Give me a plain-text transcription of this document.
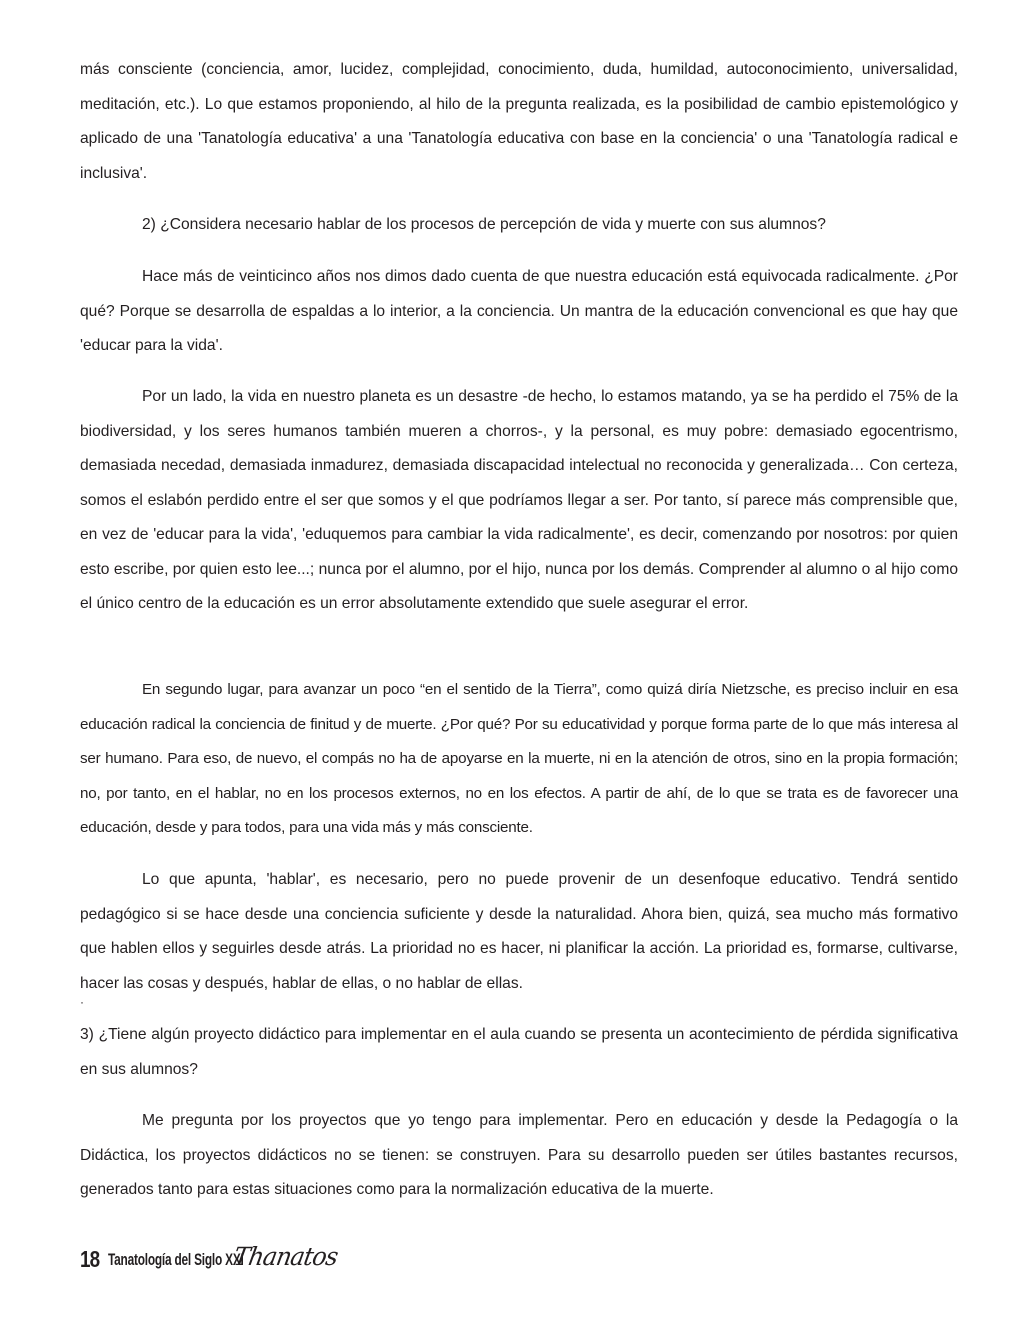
más consciente (conciencia, amor, lucidez, complejidad, conocimiento, duda, humildad, autoconocimiento, universalidad, meditación, etc.). Lo que estamos proponiendo, al hilo de la pregunta realizada, es la posibilidad de cambio epistemológico y aplicado de una 'Tanatología educativa' a una 'Tanatología educativa con base en la conciencia' o una 'Tanatología radical e inclusiva'.

2) ¿Considera necesario hablar de los procesos de percepción de vida y muerte con sus alumnos?

Hace más de veinticinco años nos dimos dado cuenta de que nuestra educación está equivocada radicalmente. ¿Por qué? Porque se desarrolla de espaldas a lo interior, a la conciencia. Un mantra de la educación convencional es que hay que 'educar para la vida'.

Por un lado, la vida en nuestro planeta es un desastre -de hecho, lo estamos matando, ya se ha perdido el 75% de la biodiversidad, y los seres humanos también mueren a chorros-, y la personal, es muy pobre: demasiado egocentrismo, demasiada necedad, demasiada inmadurez, demasiada discapacidad intelectual no reconocida y generalizada… Con certeza, somos el eslabón perdido entre el ser que somos y el que podríamos llegar a ser. Por tanto, sí parece más comprensible que, en vez de 'educar para la vida', 'eduquemos para cambiar la vida radicalmente', es decir, comenzando por nosotros: por quien esto escribe, por quien esto lee...; nunca por el alumno, por el hijo, nunca por los demás. Comprender al alumno o al hijo como el único centro de la educación es un error absolutamente extendido que suele asegurar el error.

En segundo lugar, para avanzar un poco “en el sentido de la Tierra”, como quizá diría Nietzsche, es preciso incluir en esa educación radical la conciencia de finitud y de muerte. ¿Por qué? Por su educatividad y porque forma parte de lo que más interesa al ser humano. Para eso, de nuevo, el compás no ha de apoyarse en la muerte, ni en la atención de otros, sino en la propia formación; no, por tanto, en el hablar, no en los procesos externos, no en los efectos. A partir de ahí, de lo que se trata es de favorecer una educación, desde y para todos, para una vida más y más consciente.

Lo que apunta, 'hablar', es necesario, pero no puede provenir de un desenfoque educativo. Tendrá sentido pedagógico si se hace desde una conciencia suficiente y desde la naturalidad. Ahora bien, quizá, sea mucho más formativo que hablen ellos y seguirles desde atrás. La prioridad no es hacer, ni planificar la acción. La prioridad es, formarse, cultivarse, hacer las cosas y después, hablar de ellas, o no hablar de ellas.

·

3) ¿Tiene algún proyecto didáctico para implementar en el aula cuando se presenta un acontecimiento de pérdida significativa en sus alumnos?

Me pregunta por los proyectos que yo tengo para implementar. Pero en educación y desde la Pedagogía o la Didáctica, los proyectos didácticos no se tienen: se construyen. Para su desarrollo pueden ser útiles bastantes recursos, generados tanto para estas situaciones como para la normalización educativa de la muerte.

18 Tanatología del Siglo XXI
Thanatos
